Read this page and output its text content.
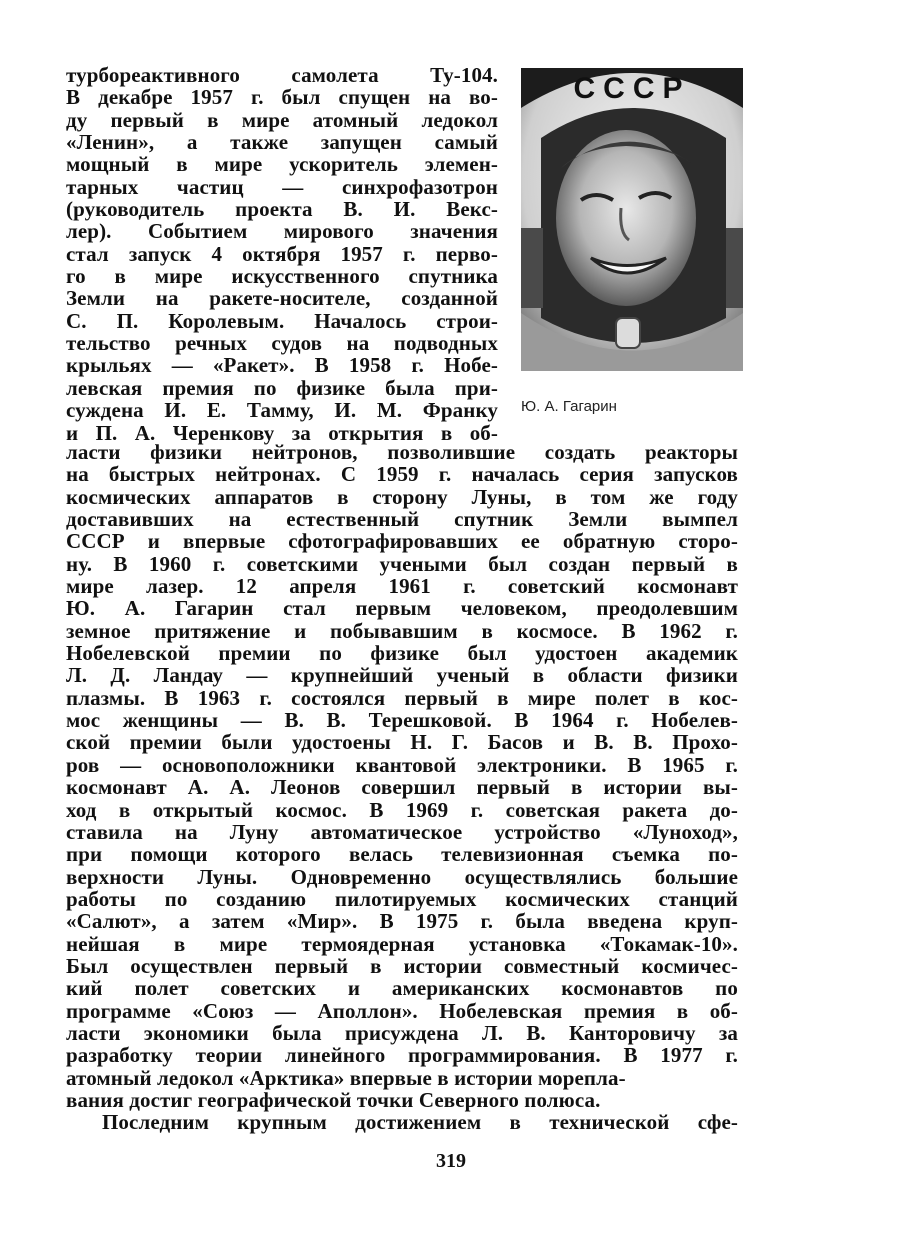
турбореактивного самолета Ту-104.
В декабре 1957 г. был спущен на во-
ду первый в мире атомный ледокол
«Ленин», а также запущен самый
мощный в мире ускоритель элемен-
тарных частиц — синхрофазотрон
(руководитель проекта В. И. Векс-
лер). Событием мирового значения
стал запуск 4 октября 1957 г. перво-
го в мире искусственного спутника
Земли на ракете-носителе, созданной
С. П. Королевым. Началось строи-
тельство речных судов на подводных
крыльях — «Ракет». В 1958 г. Нобе-
левская премия по физике была при-
суждена И. Е. Тамму, И. М. Франку
и П. А. Черенкову за открытия в об-
СССР
Ю. А. Гагарин
ласти физики нейтронов, позволившие создать реакторы
на быстрых нейтронах. С 1959 г. началась серия запусков
космических аппаратов в сторону Луны, в том же году
доставивших на естественный спутник Земли вымпел
СССР и впервые сфотографировавших ее обратную сторо-
ну. В 1960 г. советскими учеными был создан первый в
мире лазер. 12 апреля 1961 г. советский космонавт
Ю. А. Гагарин стал первым человеком, преодолевшим
земное притяжение и побывавшим в космосе. В 1962 г.
Нобелевской премии по физике был удостоен академик
Л. Д. Ландау — крупнейший ученый в области физики
плазмы. В 1963 г. состоялся первый в мире полет в кос-
мос женщины — В. В. Терешковой. В 1964 г. Нобелев-
ской премии были удостоены Н. Г. Басов и В. В. Прохо-
ров — основоположники квантовой электроники. В 1965 г.
космонавт А. А. Леонов совершил первый в истории вы-
ход в открытый космос. В 1969 г. советская ракета до-
ставила на Луну автоматическое устройство «Луноход»,
при помощи которого велась телевизионная съемка по-
верхности Луны. Одновременно осуществлялись большие
работы по созданию пилотируемых космических станций
«Салют», а затем «Мир». В 1975 г. была введена круп-
нейшая в мире термоядерная установка «Токамак-10».
Был осуществлен первый в истории совместный космичес-
кий полет советских и американских космонавтов по
программе «Союз — Аполлон». Нобелевская премия в об-
ласти экономики была присуждена Л. В. Канторовичу за
разработку теории линейного программирования. В 1977 г.
атомный ледокол «Арктика» впервые в истории морепла-
вания достиг географической точки Северного полюса.
Последним крупным достижением в технической сфе-
319
